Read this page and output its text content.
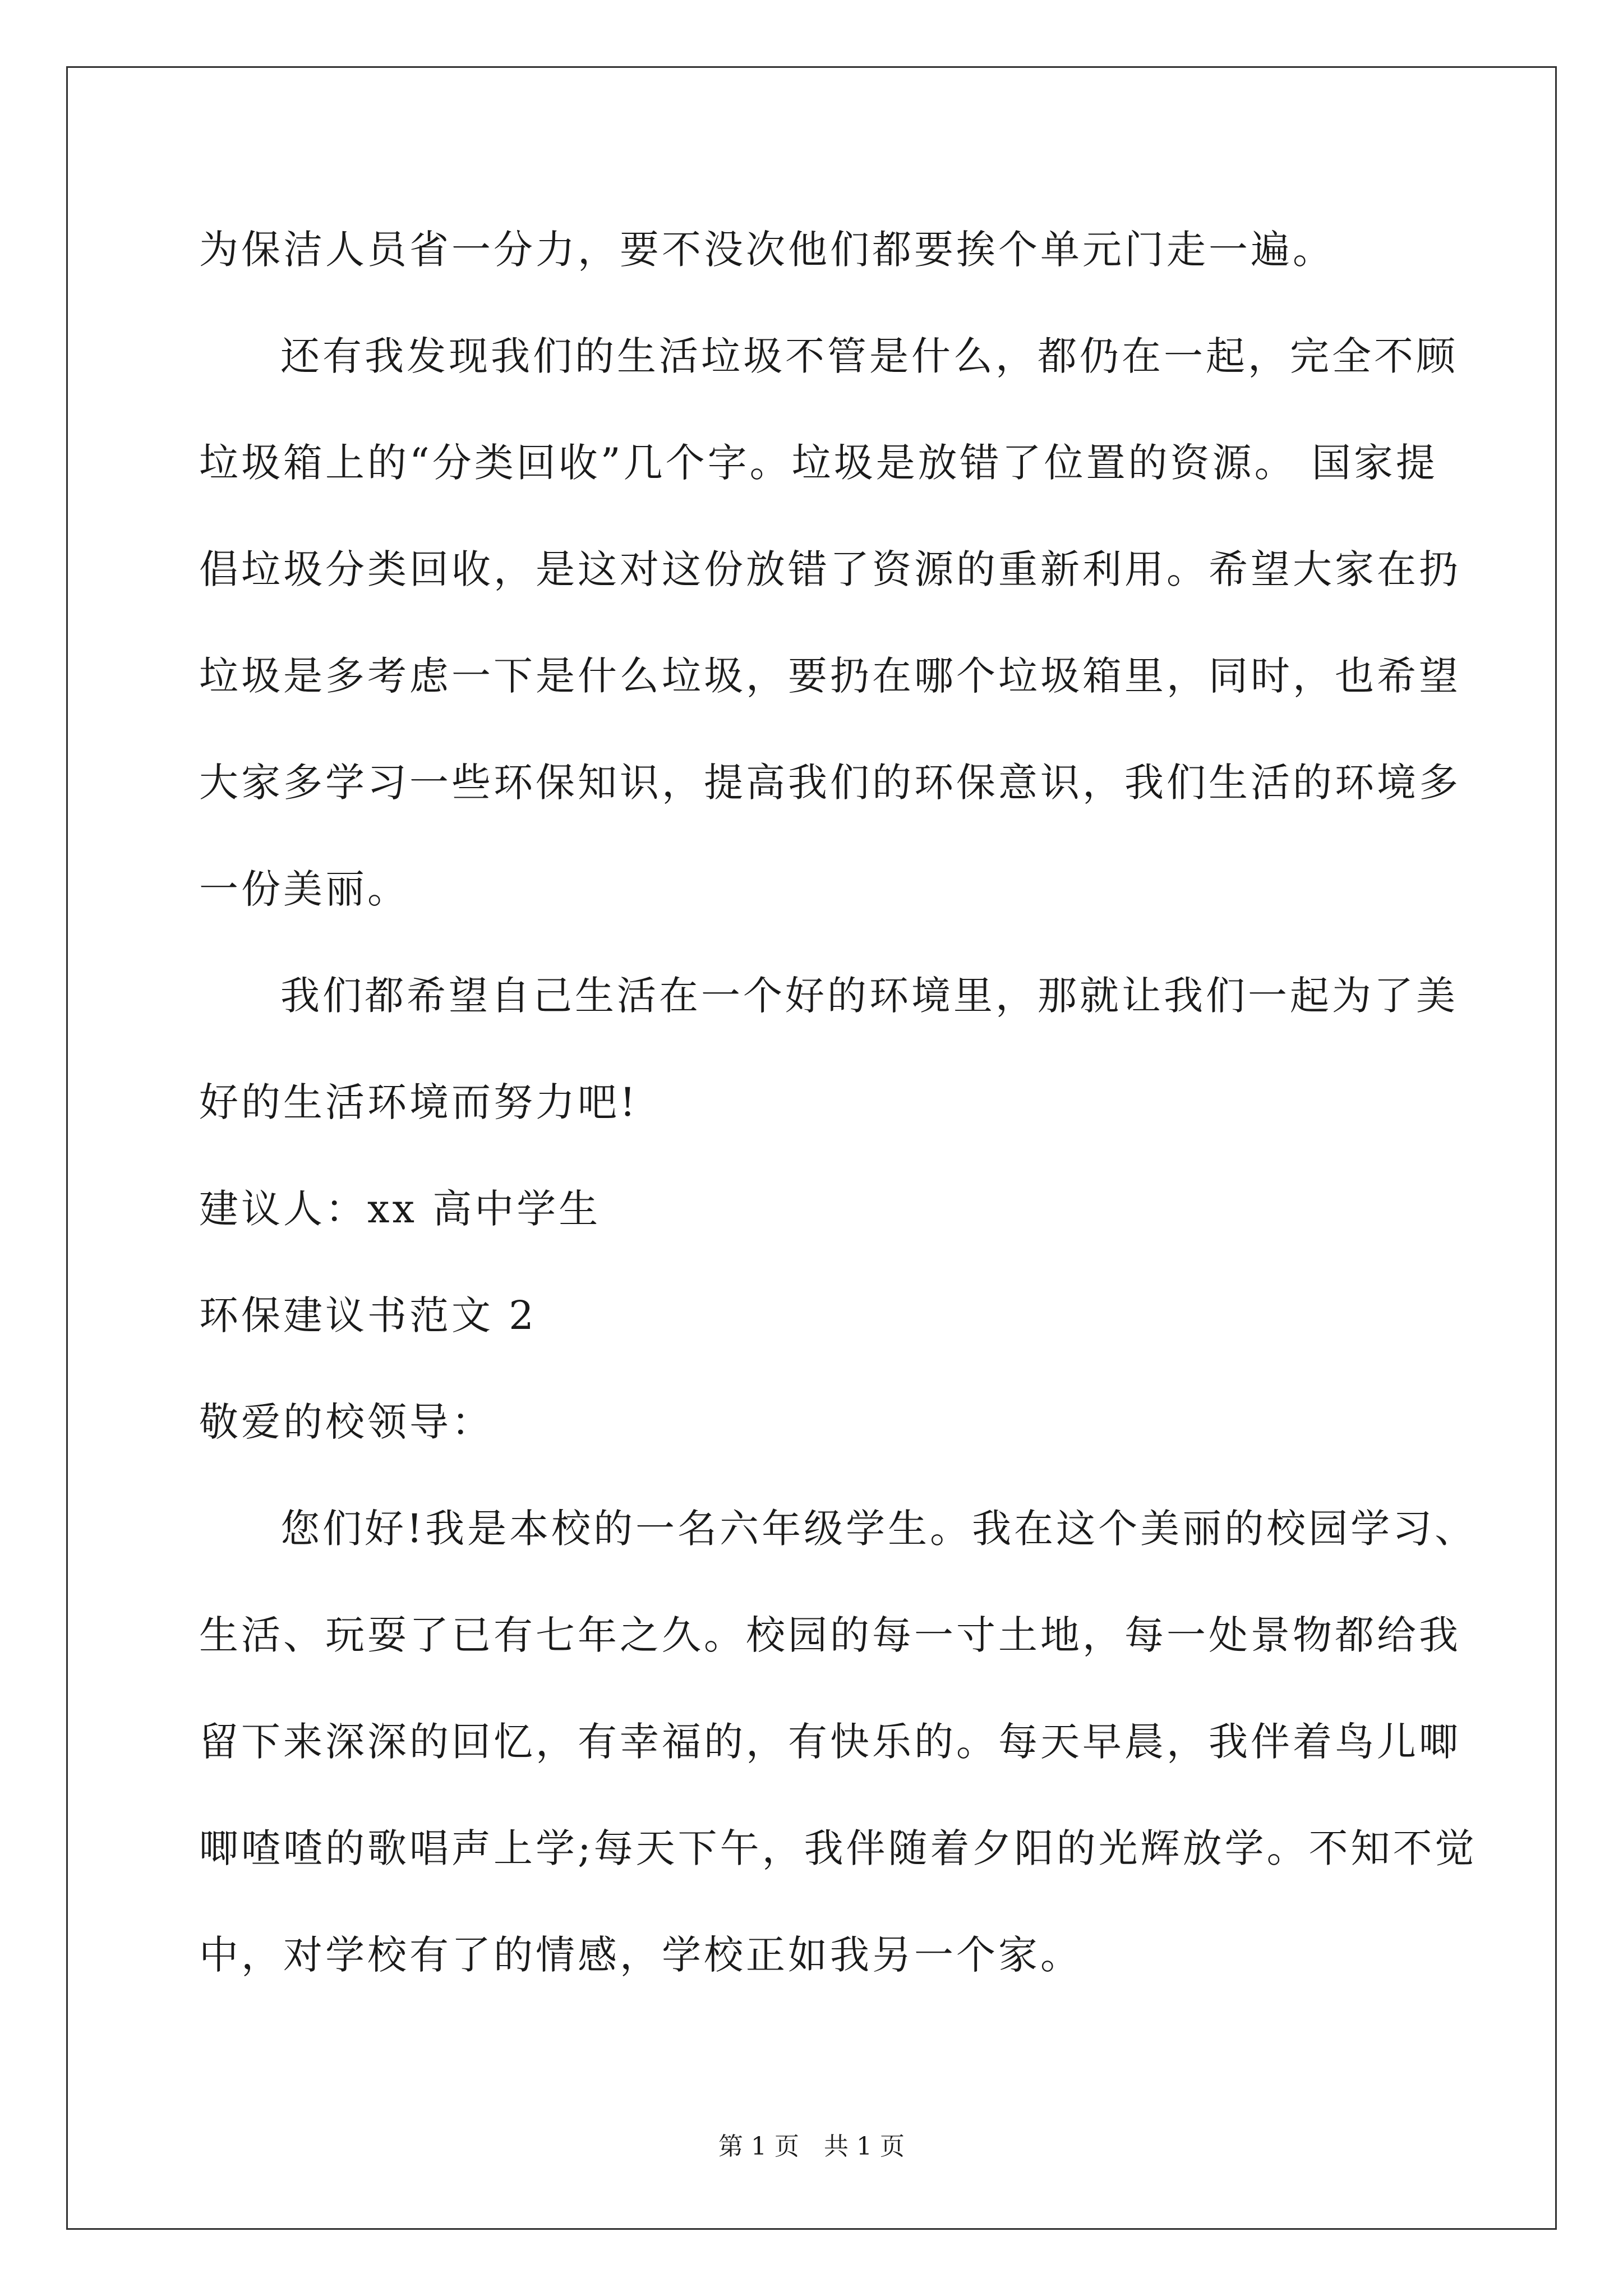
为保洁人员省一分力，要不没次他们都要挨个单元门走一遍。
还有我发现我们的生活垃圾不管是什么，都仍在一起，完全不顾
垃圾箱上的“分类回收”几个字。垃圾是放错了位置的资源。 国家提
倡垃圾分类回收，是这对这份放错了资源的重新利用。希望大家在扔
垃圾是多考虑一下是什么垃圾，要扔在哪个垃圾箱里，同时，也希望
大家多学习一些环保知识，提高我们的环保意识，我们生活的环境多
一份美丽。
我们都希望自己生活在一个好的环境里，那就让我们一起为了美
好的生活环境而努力吧!
建议人：xx 高中学生
环保建议书范文 2
敬爱的校领导：
您们好!我是本校的一名六年级学生。我在这个美丽的校园学习、
生活、玩耍了已有七年之久。校园的每一寸土地，每一处景物都给我
留下来深深的回忆，有幸福的，有快乐的。每天早晨，我伴着鸟儿唧
唧喳喳的歌唱声上学;每天下午，我伴随着夕阳的光辉放学。不知不觉
中，对学校有了的情感，学校正如我另一个家。
第 1 页　共 1 页
